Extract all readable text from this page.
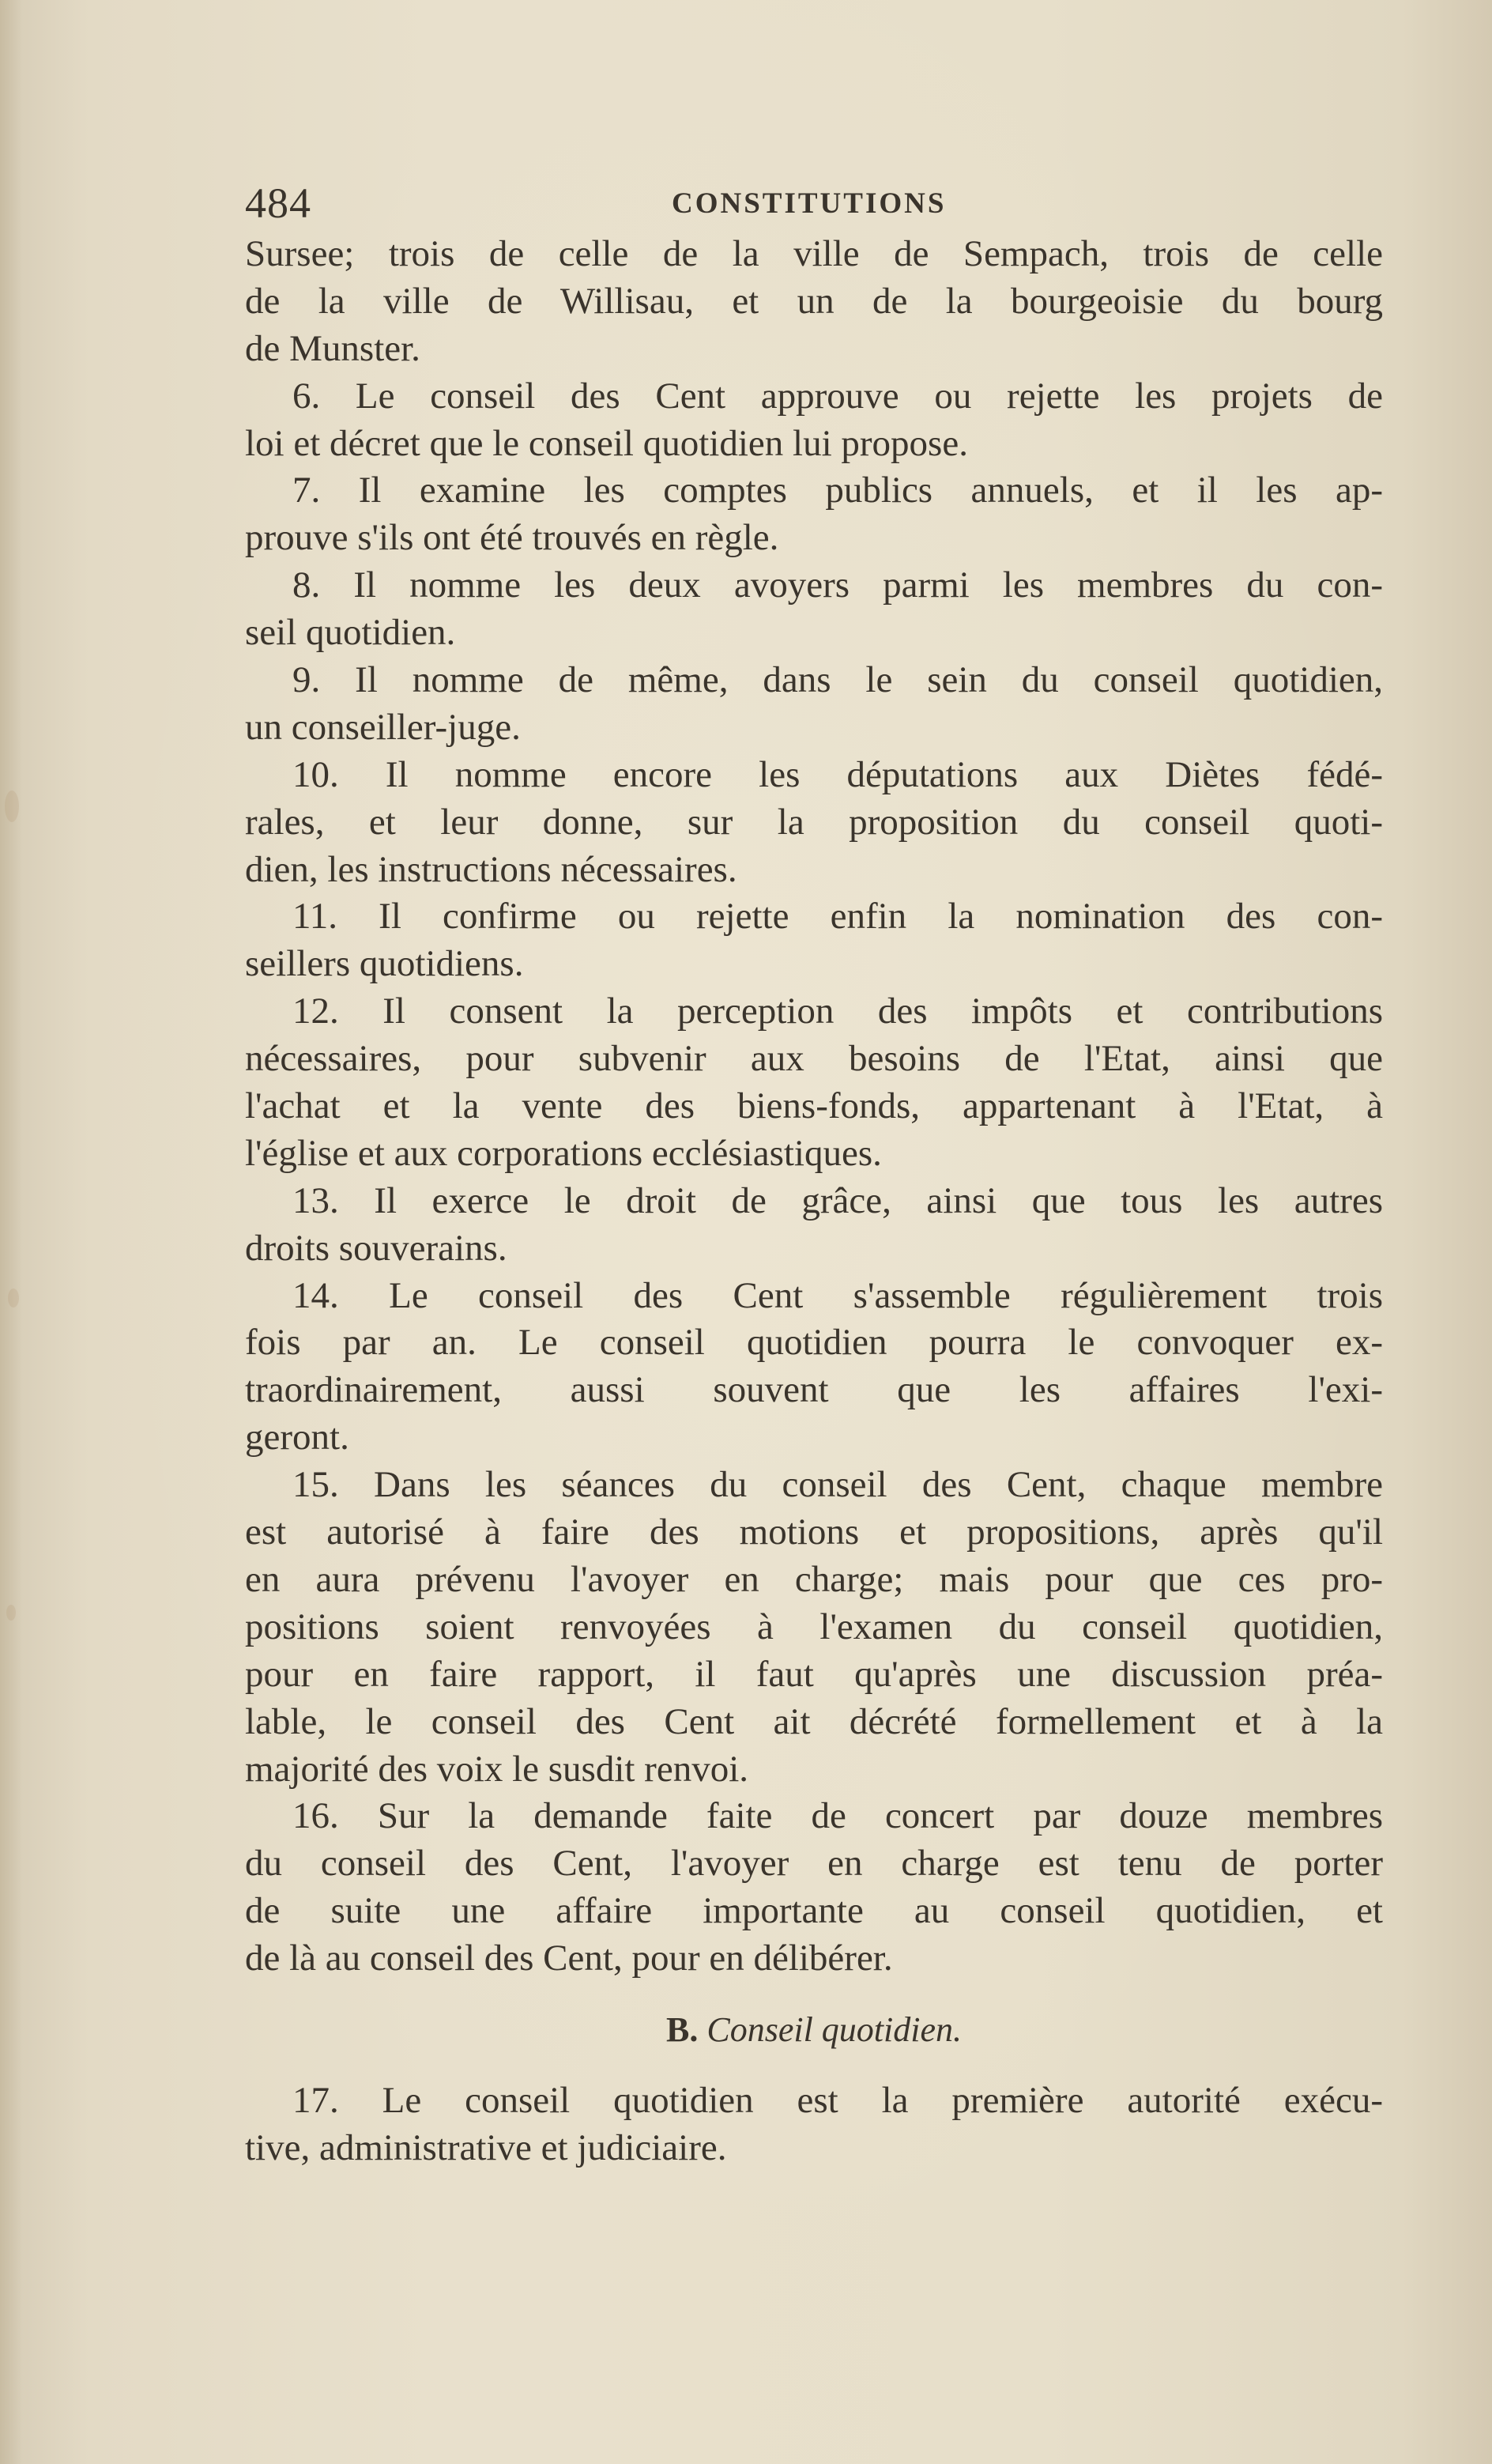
484	CONSTITUTIONS
Sursee; trois de celle de la ville de Sempach, trois de celle
de la ville de Willisau, et un de la bourgeoisie du bourg
de Munster.
6. Le conseil des Cent approuve ou rejette les projets de
loi et décret que le conseil quotidien lui propose.
7. Il examine les comptes publics annuels, et il les ap-
prouve s'ils ont été trouvés en règle.
8. Il nomme les deux avoyers parmi les membres du con-
seil quotidien.
9. Il nomme de même, dans le sein du conseil quotidien,
un conseiller-juge.
10. Il nomme encore les députations aux Diètes fédé-
rales, et leur donne, sur la proposition du conseil quoti-
dien, les instructions nécessaires.
11. Il confirme ou rejette enfin la nomination des con-
seillers quotidiens.
12. Il consent la perception des impôts et contributions
nécessaires, pour subvenir aux besoins de l'Etat, ainsi que
l'achat et la vente des biens-fonds, appartenant à l'Etat, à
l'église et aux corporations ecclésiastiques.
13. Il exerce le droit de grâce, ainsi que tous les autres
droits souverains.
14. Le conseil des Cent s'assemble régulièrement trois
fois par an. Le conseil quotidien pourra le convoquer ex-
traordinairement, aussi souvent que les affaires l'exi-
geront.
15. Dans les séances du conseil des Cent, chaque membre
est autorisé à faire des motions et propositions, après qu'il
en aura prévenu l'avoyer en charge; mais pour que ces pro-
positions soient renvoyées à l'examen du conseil quotidien,
pour en faire rapport, il faut qu'après une discussion préa-
lable, le conseil des Cent ait décrété formellement et à la
majorité des voix le susdit renvoi.
16. Sur la demande faite de concert par douze membres
du conseil des Cent, l'avoyer en charge est tenu de porter
de suite une affaire importante au conseil quotidien, et
de là au conseil des Cent, pour en délibérer.
B. Conseil quotidien.
17. Le conseil quotidien est la première autorité exécu-
tive, administrative et judiciaire.
